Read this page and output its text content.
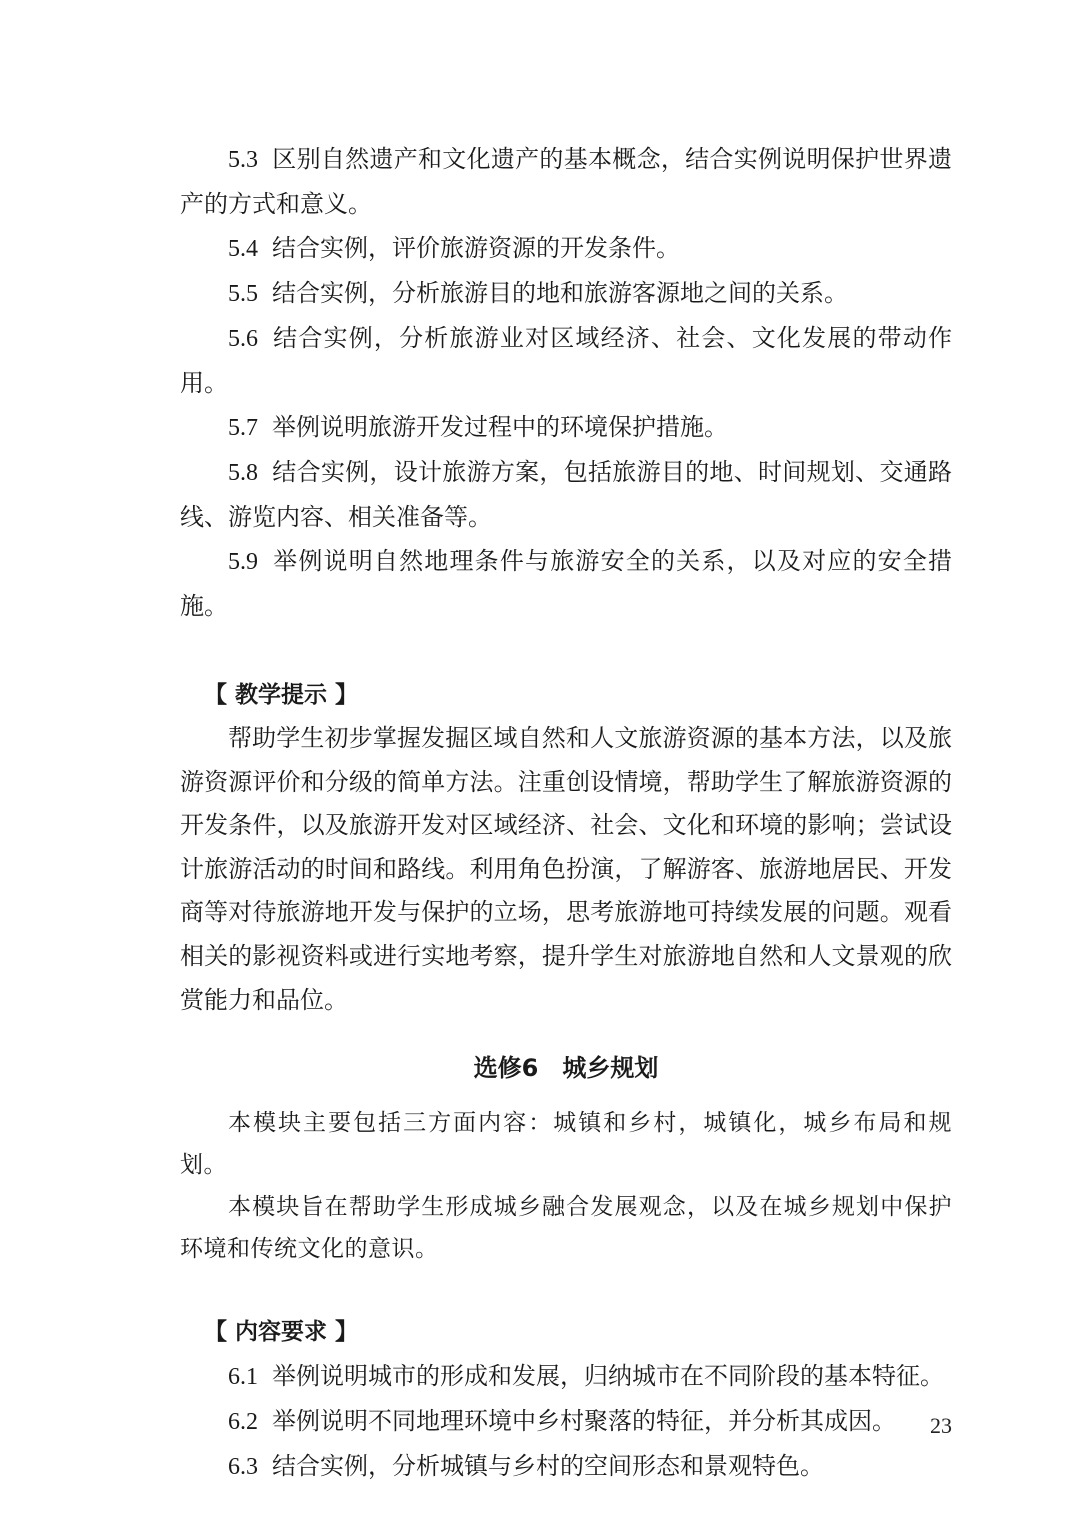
5.3 区别自然遗产和文化遗产的基本概念，结合实例说明保护世界遗产的方式和意义。

5.4 结合实例，评价旅游资源的开发条件。

5.5 结合实例，分析旅游目的地和旅游客源地之间的关系。

5.6 结合实例，分析旅游业对区域经济、社会、文化发展的带动作用。

5.7 举例说明旅游开发过程中的环境保护措施。

5.8 结合实例，设计旅游方案，包括旅游目的地、时间规划、交通路线、游览内容、相关准备等。

5.9 举例说明自然地理条件与旅游安全的关系，以及对应的安全措施。

【 教学提示 】

帮助学生初步掌握发掘区域自然和人文旅游资源的基本方法，以及旅游资源评价和分级的简单方法。注重创设情境，帮助学生了解旅游资源的开发条件，以及旅游开发对区域经济、社会、文化和环境的影响；尝试设计旅游活动的时间和路线。利用角色扮演，了解游客、旅游地居民、开发商等对待旅游地开发与保护的立场，思考旅游地可持续发展的问题。观看相关的影视资料或进行实地考察，提升学生对旅游地自然和人文景观的欣赏能力和品位。

选修6 城乡规划

本模块主要包括三方面内容：城镇和乡村，城镇化，城乡布局和规划。

本模块旨在帮助学生形成城乡融合发展观念，以及在城乡规划中保护环境和传统文化的意识。

【 内容要求 】

6.1 举例说明城市的形成和发展，归纳城市在不同阶段的基本特征。

6.2 举例说明不同地理环境中乡村聚落的特征，并分析其成因。

6.3 结合实例，分析城镇与乡村的空间形态和景观特色。

23
